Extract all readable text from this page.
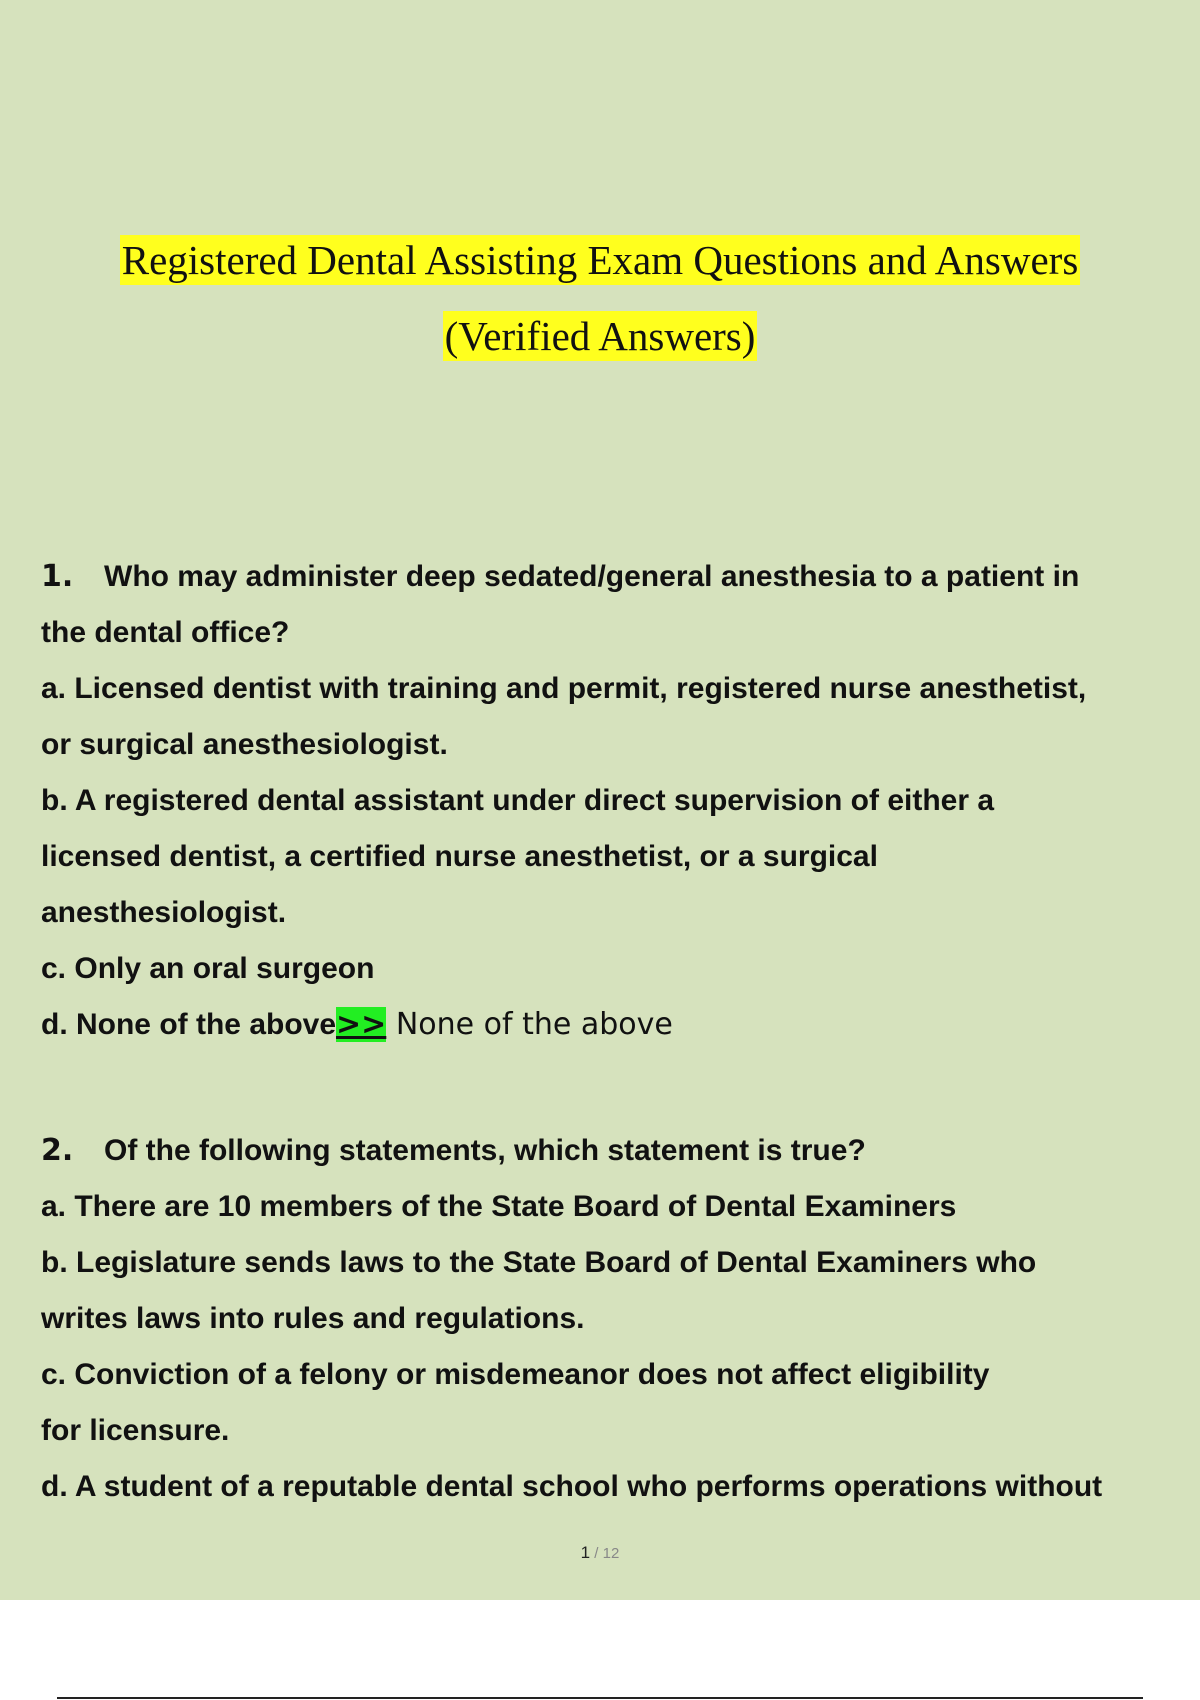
Registered Dental Assisting Exam Questions and Answers
(Verified Answers)
1. Who may administer deep sedated/general anesthesia to a patient in
the dental office?
a. Licensed dentist with training and permit, registered nurse anesthetist,
or surgical anesthesiologist.
b. A registered dental assistant under direct supervision of either a
licensed dentist, a certified nurse anesthetist, or a surgical
anesthesiologist.
c. Only an oral surgeon
d. None of the above>> None of the above
2. Of the following statements, which statement is true?
a. There are 10 members of the State Board of Dental Examiners
b. Legislature sends laws to the State Board of Dental Examiners who
writes laws into rules and regulations.
c. Conviction of a felony or misdemeanor does not affect eligibility
for licensure.
d. A student of a reputable dental school who performs operations without
1 / 12
